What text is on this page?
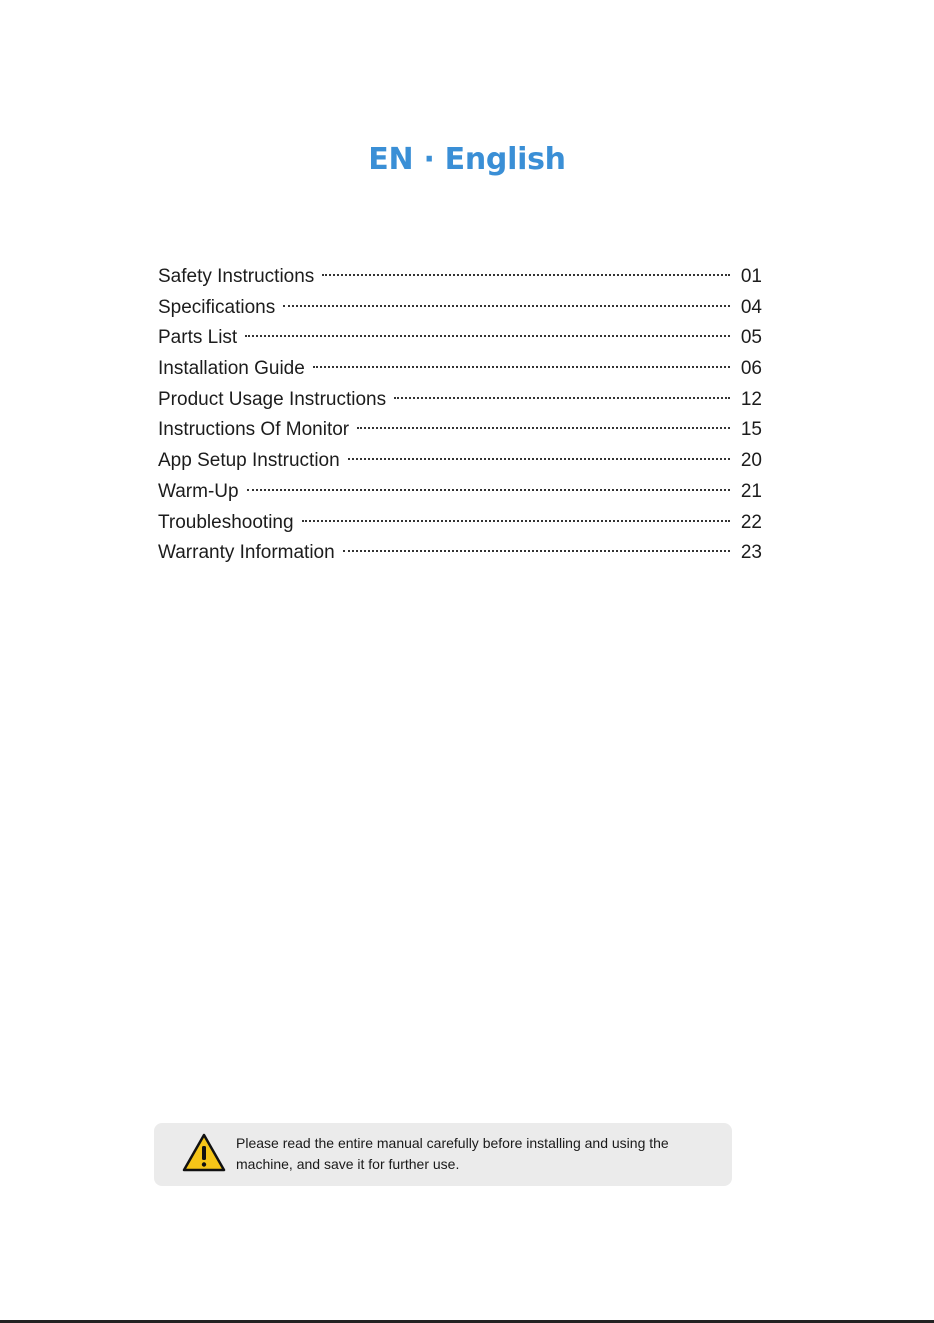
EN · English
Safety Instructions	01
Specifications	04
Parts List	05
Installation Guide	06
Product Usage Instructions	12
Instructions Of Monitor	15
App Setup Instruction	20
Warm-Up	21
Troubleshooting	22
Warranty Information	23
Please read the entire manual carefully before installing and using the machine, and save it for further use.
